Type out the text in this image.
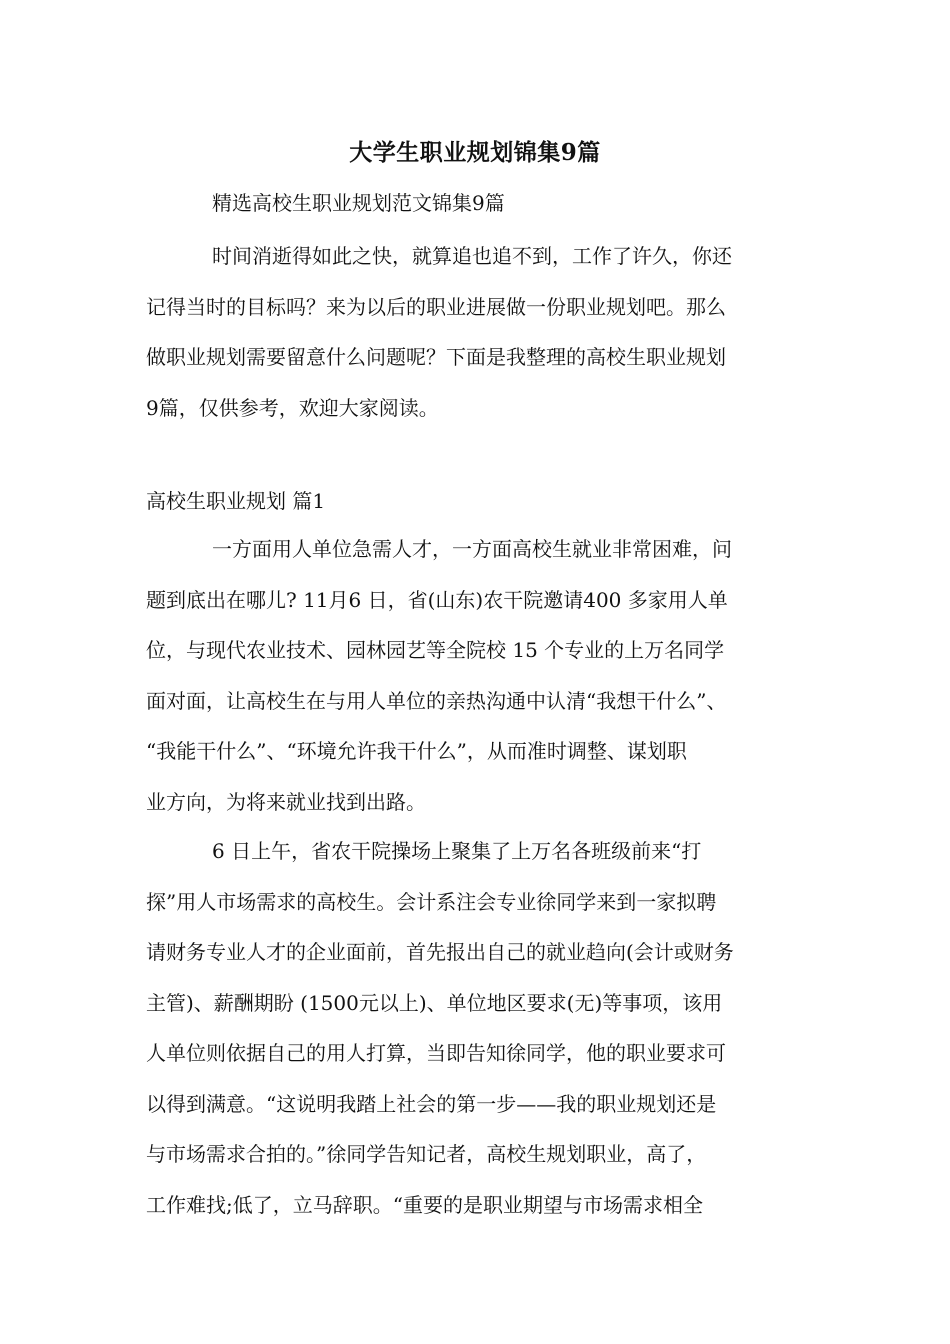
大学生职业规划锦集9篇
精选高校生职业规划范文锦集9篇
时间消逝得如此之快，就算追也追不到，工作了许久，你还
记得当时的目标吗？来为以后的职业进展做一份职业规划吧。那么
做职业规划需要留意什么问题呢？下面是我整理的高校生职业规划
9篇，仅供参考，欢迎大家阅读。
高校生职业规划 篇1
一方面用人单位急需人才，一方面高校生就业非常困难，问
题到底出在哪儿? 11月6 日，省(山东)农干院邀请400 多家用人单
位，与现代农业技术、园林园艺等全院校 15 个专业的上万名同学
面对面，让高校生在与用人单位的亲热沟通中认清“我想干什么”、
“我能干什么”、“环境允许我干什么”，从而准时调整、谋划职
业方向，为将来就业找到出路。
6 日上午，省农干院操场上聚集了上万名各班级前来“打
探”用人市场需求的高校生。会计系注会专业徐同学来到一家拟聘
请财务专业人才的企业面前，首先报出自己的就业趋向(会计或财务
主管)、薪酬期盼 (1500元以上)、单位地区要求(无)等事项，该用
人单位则依据自己的用人打算，当即告知徐同学，他的职业要求可
以得到满意。“这说明我踏上社会的第一步——我的职业规划还是
与市场需求合拍的。”徐同学告知记者，高校生规划职业，高了，
工作难找;低了，立马辞职。“重要的是职业期望与市场需求相全
